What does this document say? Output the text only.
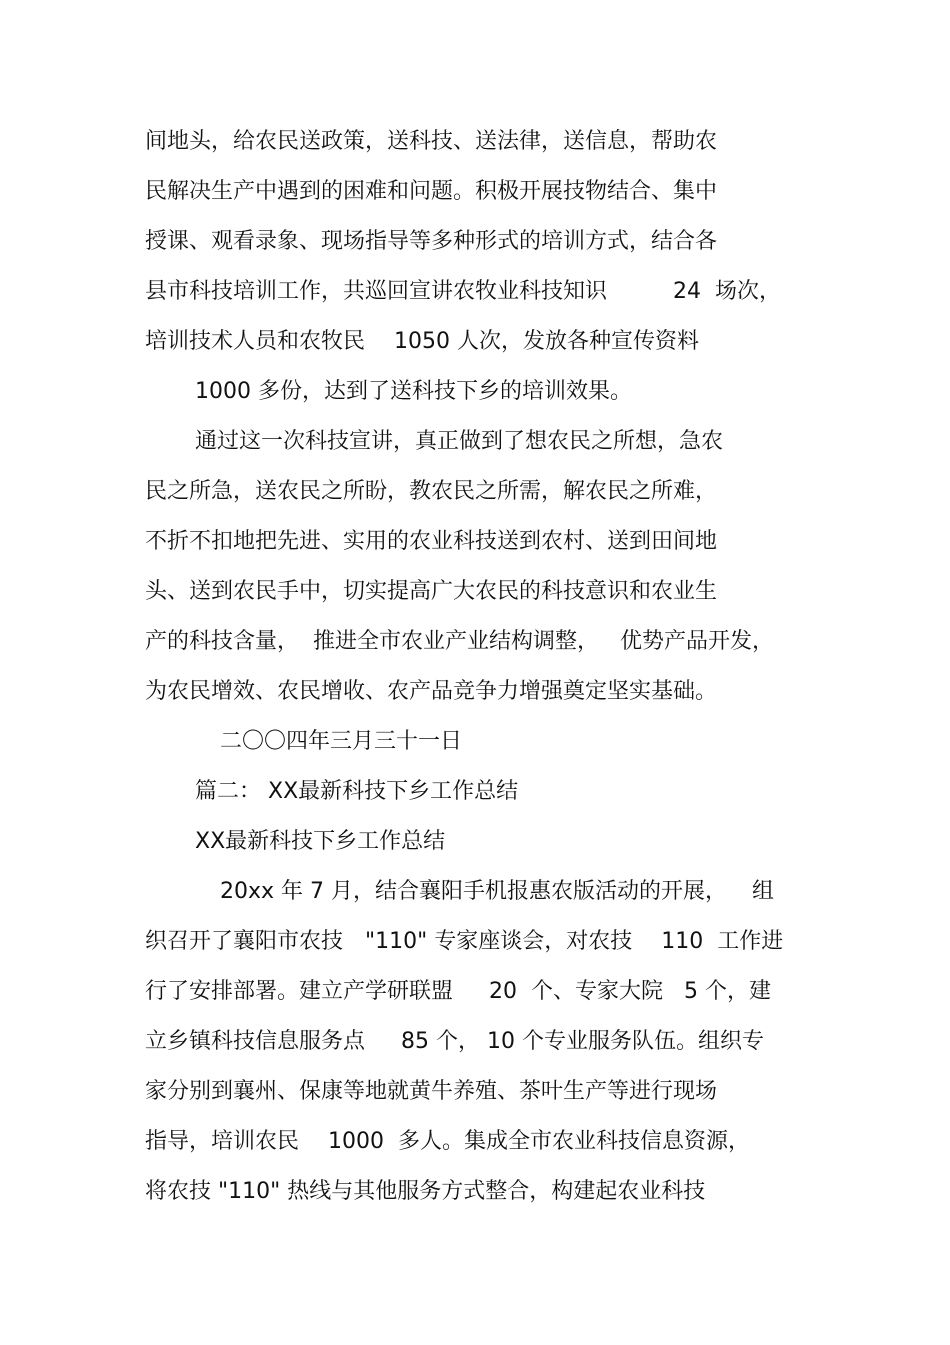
间地头，给农民送政策，送科技、送法律，送信息，帮助农

民解决生产中遇到的困难和问题。积极开展技物结合、集中

授课、观看录象、现场指导等多种形式的培训方式，结合各

县市科技培训工作，共巡回宣讲农牧业科技知识　　　24  场次，

培训技术人员和农牧民　 1050 人次，发放各种宣传资料

1000 多份，达到了送科技下乡的培训效果。

通过这一次科技宣讲，真正做到了想农民之所想，急农

民之所急，送农民之所盼，教农民之所需，解农民之所难，

不折不扣地把先进、实用的农业科技送到农村、送到田间地

头、送到农民手中，切实提高广大农民的科技意识和农业生

产的科技含量，  推进全市农业产业结构调整，   优势产品开发，

为农民增效、农民增收、农产品竞争力增强奠定坚实基础。

二〇〇四年三月三十一日

篇二： XX最新科技下乡工作总结

XX最新科技下乡工作总结

20xx 年 7 月，结合襄阳手机报惠农版活动的开展，　  组

织召开了襄阳市农技　"110" 专家座谈会，对农技　 110  工作进

行了安排部署。建立产学研联盟　  20  个、专家大院   5 个，建

立乡镇科技信息服务点　  85 个， 10 个专业服务队伍。组织专

家分别到襄州、保康等地就黄牛养殖、茶叶生产等进行现场

指导，培训农民　 1000  多人。集成全市农业科技信息资源，

将农技 "110" 热线与其他服务方式整合，构建起农业科技
